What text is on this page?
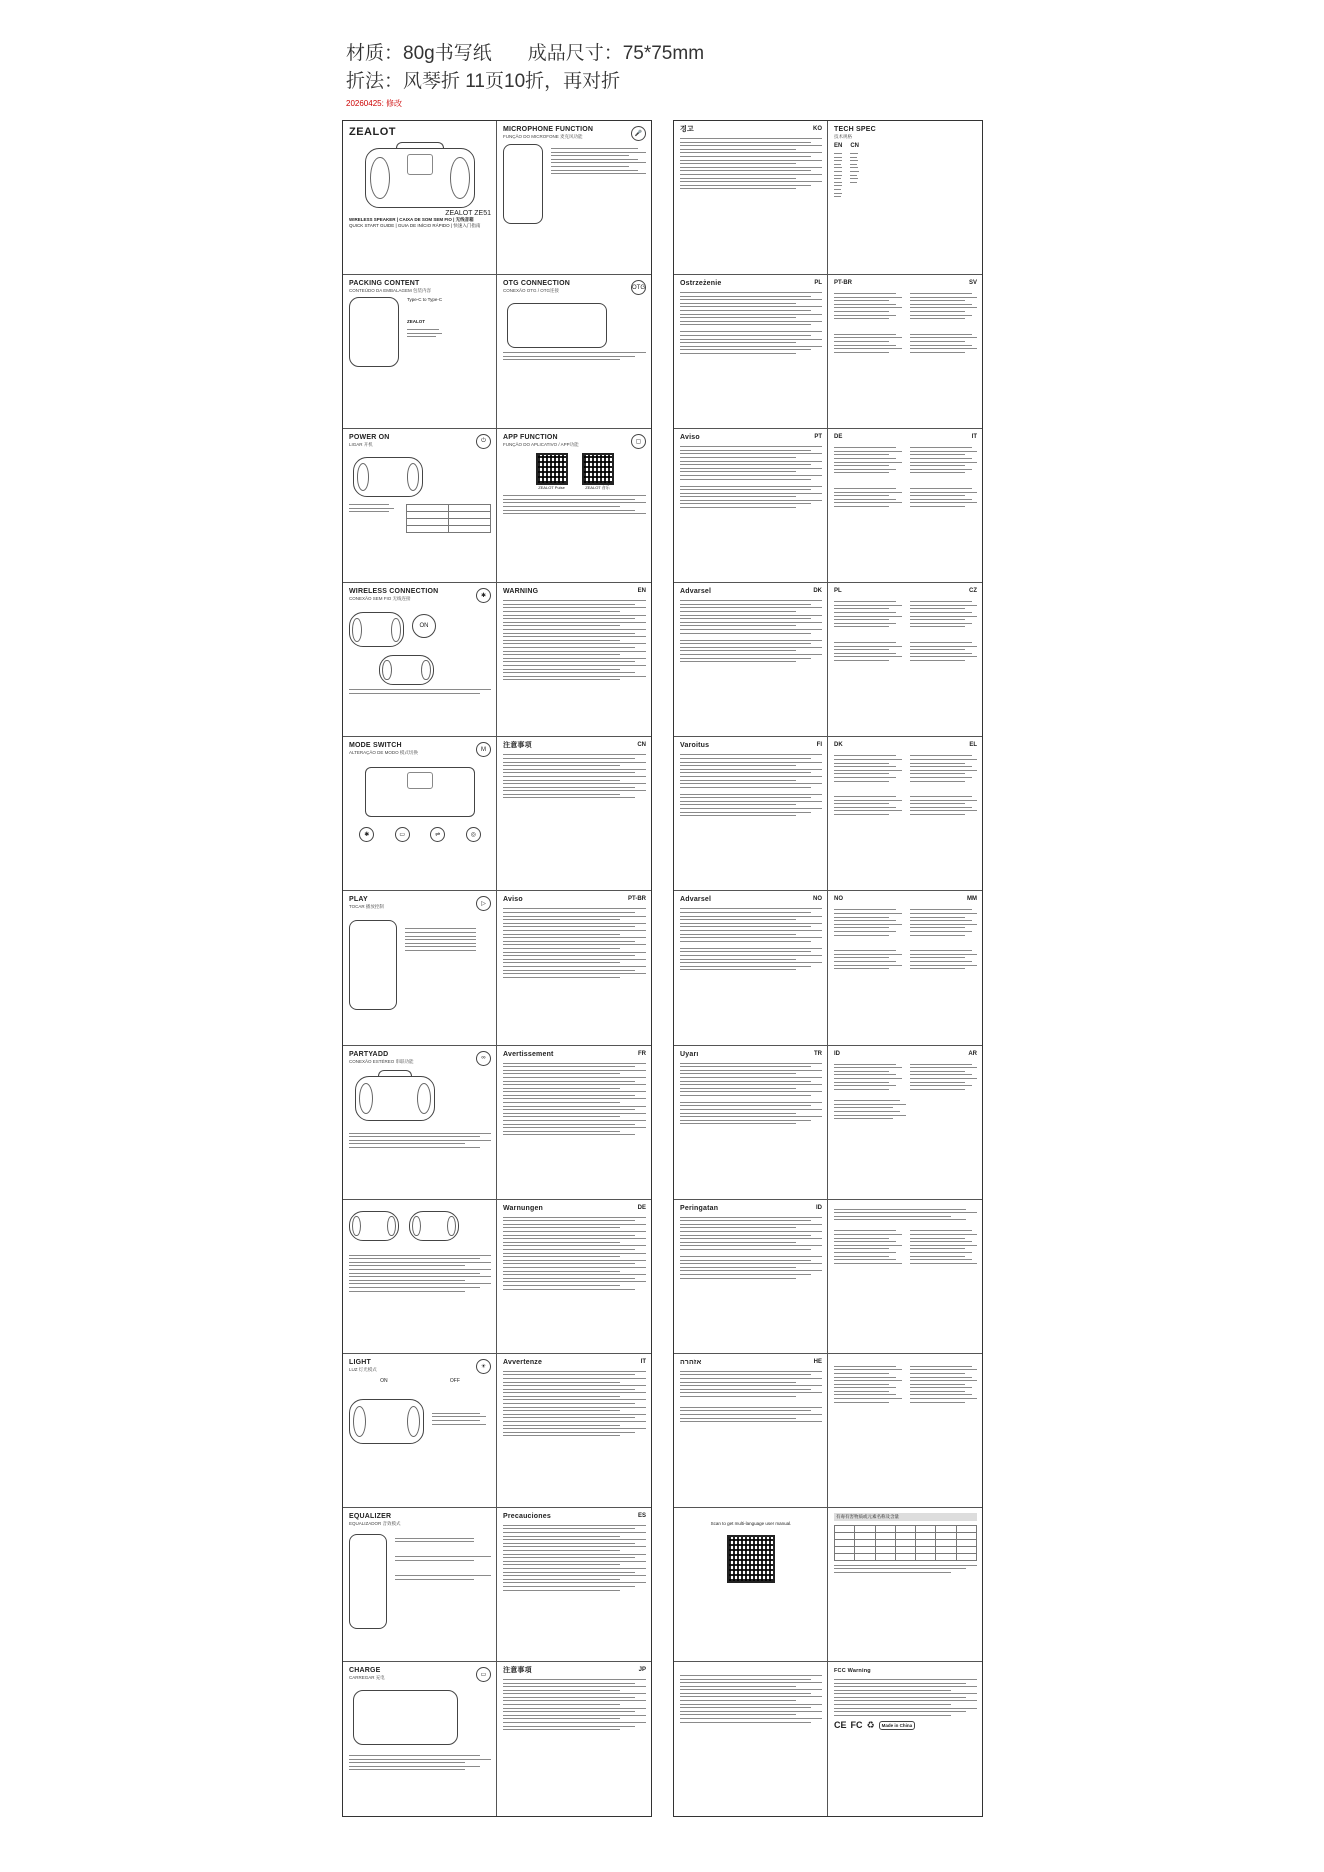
材质：80g书写纸 成品尺寸：75*75mm
折法：风琴折 11页10折，再对折
20260425: 修改
ZEALOT
ZEALOT ZE51
WIRELESS SPEAKER | CAIXA DE SOM SEM FIO | 无线音箱
QUICK START GUIDE | GUIA DE INÍCIO RÁPIDO | 快速入门指南
MICROPHONE FUNCTION
FUNÇÃO DO MICROFONE 麦克风功能	🎤
PACKING CONTENT
CONTEÚDO DA EMBALAGEM 包装内容
Type-C to Type-C
ZEALOT
OTG CONNECTION
CONEXÃO OTG / OTG连接	OTG
POWER ON
LIGAR 开机
⏻

		APP FUNCTION
FUNÇÃO DO APLICATIVO / APP功能	▢
ZEALOT Pulse	ZEALOT 音乐
WIRELESS CONNECTION
CONEXÃO SEM FIO 无线连接	✱
ON
WARNING	EN
MODE SWITCH
ALTERAÇÃO DE MODO 模式切换	M
✱	▭	⇌	◎
注意事项	CN
PLAY
TOCAR 播放控制	▷
Aviso	PT-BR
PARTYADD
CONEXÃO ESTÉREO 串联功能	∞
Avertissement	FR
Warnungen	DE
LIGHT
LUZ 灯光模式	☀
ON	OFF
Avvertenze	IT
EQUALIZER
EQUALIZADOR 音效模式
Precauciones	ES
CHARGE
CARREGAR 充电	▭
注意事項	JP
경고	KO TECH SPEC
技术规格
EN CN
Ostrzeżenie	PL PT-BR	SV
Aviso	PT DE	IT
Advarsel	DK PL	CZ
Varoitus	FI DK	EL
Advarsel	NO NO	MM
Uyarı	TR ID	AR
Peringatan	ID
אזהרה	HE
Scan to get multi-language user manual.
有毒有害物质或元素名称及含量

FCC Warning
CE FC ♻	Made in China
